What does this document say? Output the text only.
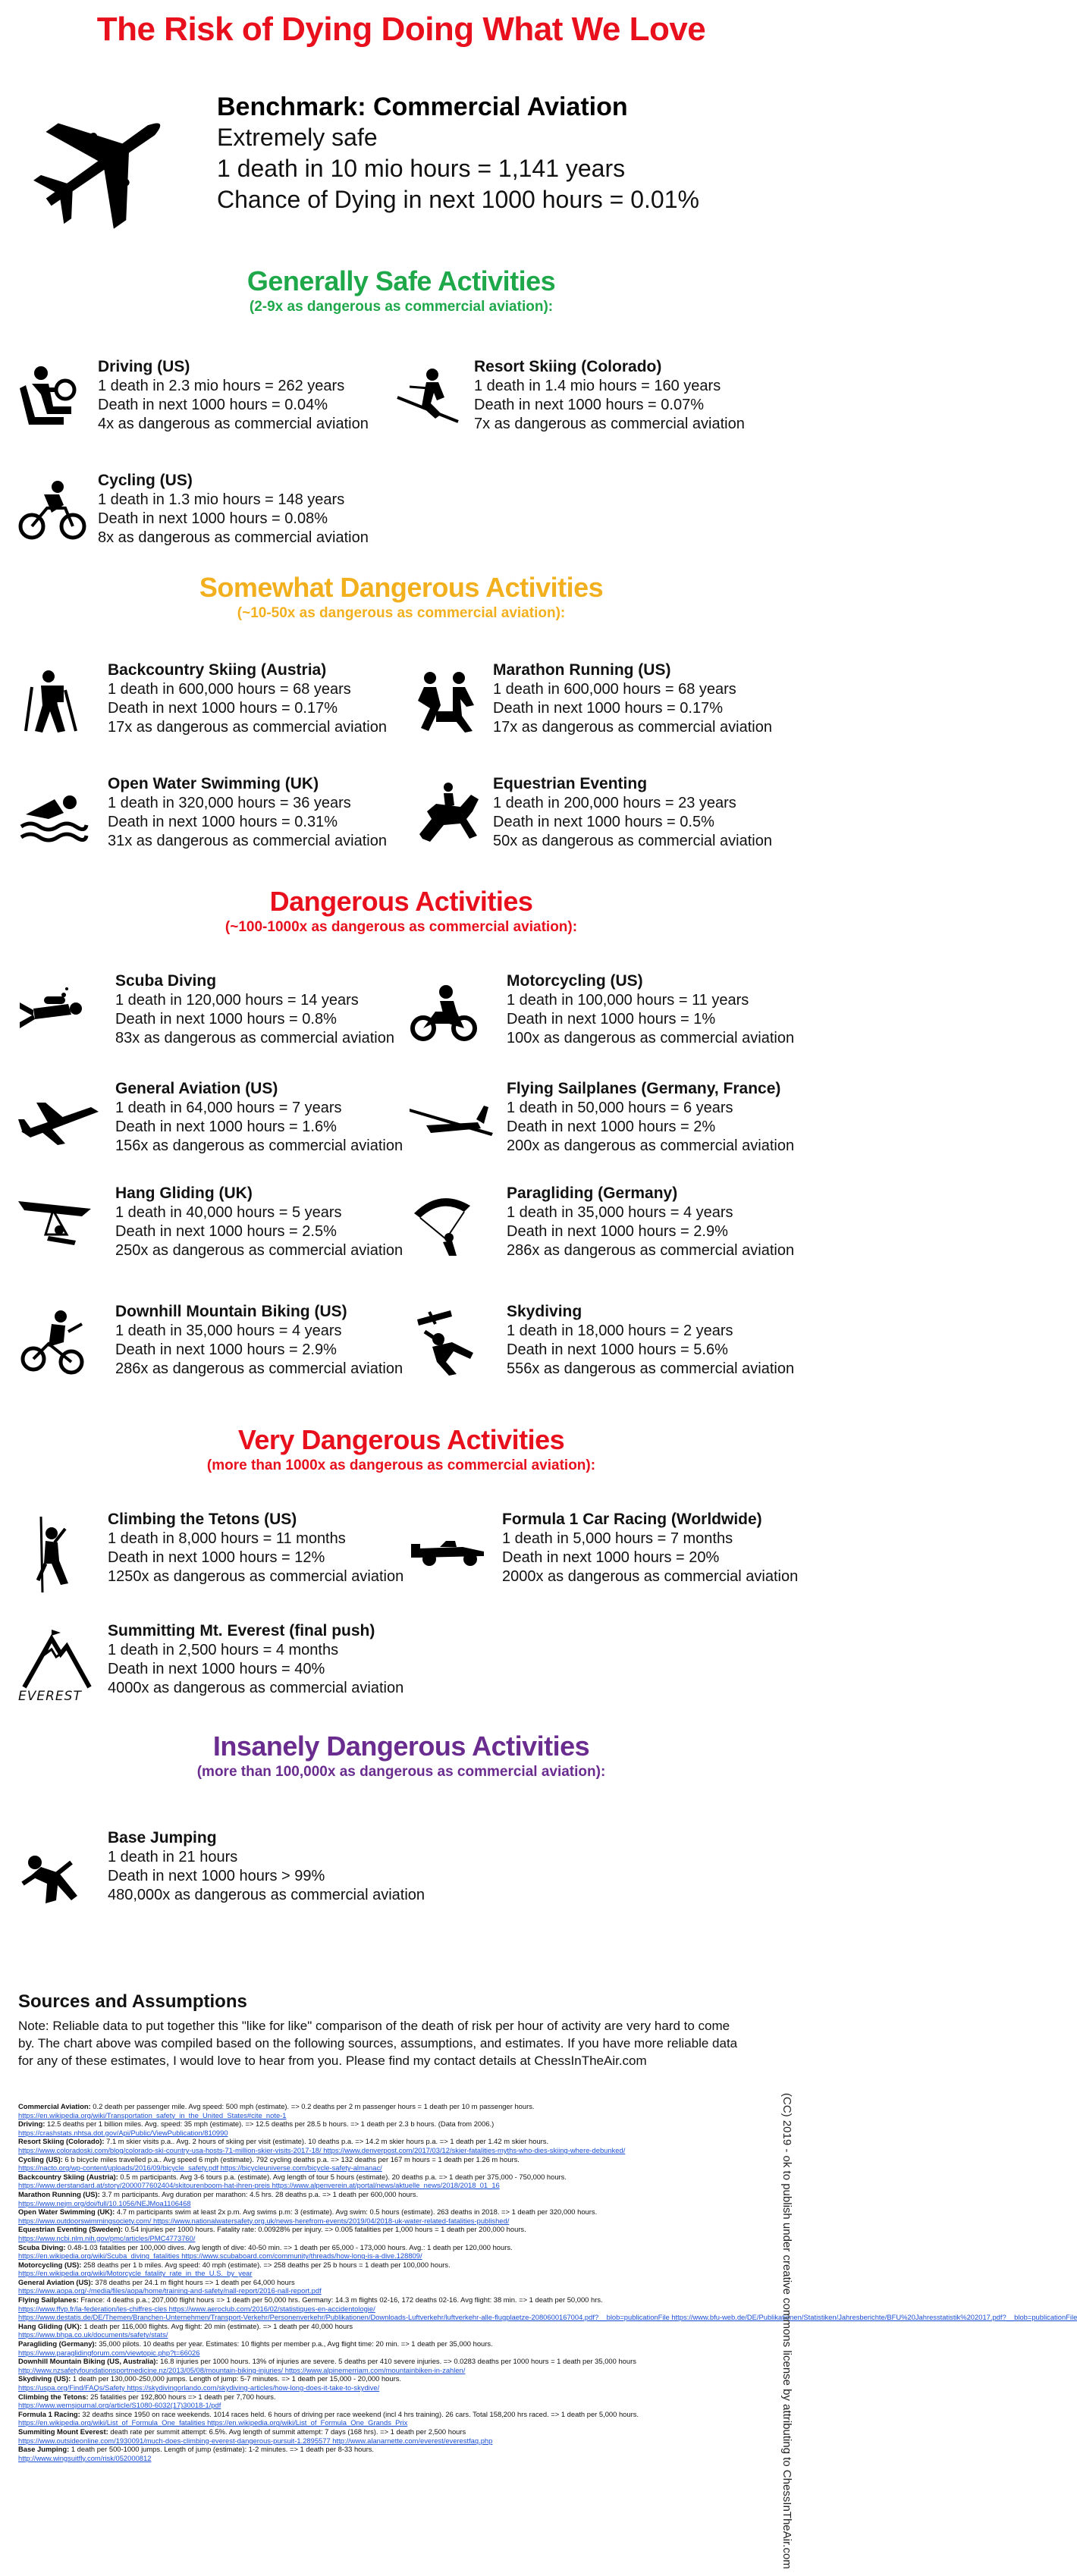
The Risk of Dying Doing What We Love
Benchmark: Commercial Aviation
Extremely safe
1 death in 10 mio hours = 1,141 years
Chance of Dying in next 1000 hours = 0.01%
Generally Safe Activities
(2-9x as dangerous as commercial aviation):
Somewhat Dangerous Activities
(~10-50x as dangerous as commercial aviation):
Dangerous Activities
(~100-1000x as dangerous as commercial aviation):
Very Dangerous Activities
(more than 1000x as dangerous as commercial aviation):
Insanely Dangerous Activities
(more than 100,000x as dangerous as commercial aviation):
Driving (US)
1 death in 2.3 mio hours = 262 years
Death in next 1000 hours = 0.04%
4x as dangerous as commercial aviation
Resort Skiing (Colorado)
1 death in 1.4 mio hours = 160 years
Death in next 1000 hours = 0.07%
7x as dangerous as commercial aviation
Cycling (US)
1 death in 1.3 mio hours = 148 years
Death in next 1000 hours = 0.08%
8x as dangerous as commercial aviation
Backcountry Skiing (Austria)
1 death in 600,000 hours = 68 years
Death in next 1000 hours = 0.17%
17x as dangerous as commercial aviation
Marathon Running (US)
1 death in 600,000 hours = 68 years
Death in next 1000 hours = 0.17%
17x as dangerous as commercial aviation
Open Water Swimming (UK)
1 death in 320,000 hours = 36 years
Death in next 1000 hours = 0.31%
31x as dangerous as commercial aviation
Equestrian Eventing
1 death in 200,000 hours = 23 years
Death in next 1000 hours = 0.5%
50x as dangerous as commercial aviation
Scuba Diving
1 death in 120,000 hours = 14 years
Death in next 1000 hours = 0.8%
83x as dangerous as commercial aviation
Motorcycling (US)
1 death in 100,000 hours = 11 years
Death in next 1000 hours = 1%
100x as dangerous as commercial aviation
General Aviation (US)
1 death in 64,000 hours = 7 years
Death in next 1000 hours = 1.6%
156x as dangerous as commercial aviation
Flying Sailplanes (Germany, France)
1 death in 50,000 hours = 6 years
Death in next 1000 hours = 2%
200x as dangerous as commercial aviation
Hang Gliding (UK)
1 death in 40,000 hours = 5 years
Death in next 1000 hours = 2.5%
250x as dangerous as commercial aviation
Paragliding (Germany)
1 death in 35,000 hours = 4 years
Death in next 1000 hours = 2.9%
286x as dangerous as commercial aviation
Downhill Mountain Biking (US)
1 death in 35,000 hours = 4 years
Death in next 1000 hours = 2.9%
286x as dangerous as commercial aviation
Skydiving
1 death in 18,000 hours = 2 years
Death in next 1000 hours = 5.6%
556x as dangerous as commercial aviation
Climbing the Tetons (US)
1 death in 8,000 hours = 11 months
Death in next 1000 hours = 12%
1250x as dangerous as commercial aviation
Formula 1 Car Racing (Worldwide)
1 death in 5,000 hours = 7 months
Death in next 1000 hours = 20%
2000x as dangerous as commercial aviation
EVEREST
Summitting Mt. Everest (final push)
1 death in 2,500 hours = 4 months
Death in next 1000 hours = 40%
4000x as dangerous as commercial aviation
Base Jumping
1 death in 21 hours
Death in next 1000 hours > 99%
480,000x as dangerous as commercial aviation
Sources and Assumptions
Note: Reliable data to put together this "like for like" comparison of the death of risk per hour of activity are very hard to come by. The chart above was compiled based on the following sources, assumptions, and estimates. If you have more reliable data for any of these estimates, I would love to hear from you. Please find my contact details at ChessInTheAir.com
Commercial Aviation: 0.2 death per passenger mile. Avg speed: 500 mph (estimate). => 0.2 deaths per 2 m passenger hours = 1 death per 10 m passenger hours.
https://en.wikipedia.org/wiki/Transportation_safety_in_the_United_States#cite_note-1
Driving: 12.5 deaths per 1 billion miles. Avg. speed: 35 mph (estimate). => 12.5 deaths per 28.5 b hours. => 1 death per 2.3 b hours. (Data from 2006.)
https://crashstats.nhtsa.dot.gov/Api/Public/ViewPublication/810990
Resort Skiing (Colorado): 7.1 m skier visits p.a.. Avg. 2 hours of skiing per visit (estimate). 10 deaths p.a. => 14.2 m skier hours p.a. => 1 death per 1.42 m skier hours.
https://www.coloradoski.com/blog/colorado-ski-country-usa-hosts-71-million-skier-visits-2017-18/ https://www.denverpost.com/2017/03/12/skier-fatalities-myths-who-dies-skiing-where-debunked/
Cycling (US): 6 b bicycle miles travelled p.a.. Avg speed 6 mph (estimate). 792 cycling deaths p.a. => 132 deaths per 167 m hours = 1 death per 1.26 m hours.
https://nacto.org/wp-content/uploads/2016/09/bicycle_safety.pdf https://bicycleuniverse.com/bicycle-safety-almanac/
Backcountry Skiing (Austria): 0.5 m participants. Avg 3-6 tours p.a. (estimate). Avg length of tour 5 hours (estimate). 20 deaths p.a. => 1 death per 375,000 - 750,000 hours.
https://www.derstandard.at/story/2000077602404/skitourenboom-hat-ihren-preis https://www.alpenverein.at/portal/news/aktuelle_news/2018/2018_01_16
Marathon Running (US): 3.7 m participants. Avg duration per marathon: 4.5 hrs. 28 deaths p.a. => 1 death per 600,000 hours.
https://www.nejm.org/doi/full/10.1056/NEJMoa1106468
Open Water Swimming (UK): 4.7 m participants swim at least 2x p.m. Avg swims p.m: 3 (estimate). Avg swim: 0.5 hours (estimate). 263 deaths in 2018. => 1 death per 320,000 hours.
https://www.outdoorswimmingsociety.com/ https://www.nationalwatersafety.org.uk/news-herefrom-events/2019/04/2018-uk-water-related-fatalities-published/
Equestrian Eventing (Sweden): 0.54 injuries per 1000 hours. Fatality rate: 0.00928% per injury. => 0.005 fatalities per 1,000 hours = 1 death per 200,000 hours.
https://www.ncbi.nlm.nih.gov/pmc/articles/PMC4773760/
Scuba Diving: 0.48-1.03 fatalities per 100,000 dives. Avg length of dive: 40-50 min. => 1 death per 65,000 - 173,000 hours. Avg.: 1 death per 120,000 hours.
https://en.wikipedia.org/wiki/Scuba_diving_fatalities https://www.scubaboard.com/community/threads/how-long-is-a-dive.128809/
Motorcycling (US): 258 deaths per 1 b miles. Avg speed: 40 mph (estimate). => 258 deaths per 25 b hours = 1 death per 100,000 hours.
https://en.wikipedia.org/wiki/Motorcycle_fatality_rate_in_the_U.S._by_year
General Aviation (US): 378 deaths per 24.1 m flight hours => 1 death per 64,000 hours
https://www.aopa.org/-/media/files/aopa/home/training-and-safety/nall-report/2016-nall-report.pdf
Flying Sailplanes: France: 4 deaths p.a.; 207,000 flight hours => 1 death per 50,000 hrs. Germany: 14.3 m flights 02-16, 172 deaths 02-16. Avg flight: 38 min. => 1 death per 50,000 hrs.
https://www.ffvp.fr/la-federation/les-chiffres-cles https://www.aeroclub.com/2016/02/statistiques-en-accidentologie/
https://www.destatis.de/DE/Themen/Branchen-Unternehmen/Transport-Verkehr/Personenverkehr/Publikationen/Downloads-Luftverkehr/luftverkehr-alle-flugplaetze-2080600167004.pdf?__blob=publicationFile https://www.bfu-web.de/DE/Publikationen/Statistiken/Jahresberichte/BFU%20Jahresstatistik%202017.pdf?__blob=publicationFile
Hang Gliding (UK): 1 death per 116,000 flights. Avg flight: 20 min (estimate). => 1 death per 40,000 hours
https://www.bhpa.co.uk/documents/safety/stats/
Paragliding (Germany): 35,000 pilots. 10 deaths per year. Estimates: 10 flights per member p.a., Avg flight time: 20 min. => 1 death per 35,000 hours.
https://www.paraglidingforum.com/viewtopic.php?t=66026
Downhill Mountain Biking (US, Australia): 16.8 injuries per 1000 hours. 13% of injuries are severe. 5 deaths per 410 severe injuries. => 0.0283 deaths per 1000 hours = 1 death per 35,000 hours
http://www.nzsafetyfoundationsportmedicine.nz/2013/05/08/mountain-biking-injuries/ https://www.alpinemerriam.com/mountainbiken-in-zahlen/
Skydiving (US): 1 death per 130,000-250,000 jumps. Length of jump: 5-7 minutes. => 1 death per 15,000 - 20,000 hours.
https://uspa.org/Find/FAQs/Safety https://skydivingorlando.com/skydiving-articles/how-long-does-it-take-to-skydive/
Climbing the Tetons: 25 fatalities per 192,800 hours => 1 death per 7,700 hours.
https://www.wemsjournal.org/article/S1080-6032(17)30018-1/pdf
Formula 1 Racing: 32 deaths since 1950 on race weekends. 1014 races held. 6 hours of driving per race weekend (incl 4 hrs training). 26 cars. Total 158,200 hrs raced. => 1 death per 5,000 hours.
https://en.wikipedia.org/wiki/List_of_Formula_One_fatalities https://en.wikipedia.org/wiki/List_of_Formula_One_Grands_Prix
Summiting Mount Everest: death rate per summit attempt: 6.5%. Avg length of summit attempt: 7 days (168 hrs). => 1 death per 2,500 hours
https://www.outsideonline.com/1930091/much-does-climbing-everest-dangerous-pursuit-1.2895577 http://www.alanarnette.com/everest/everestfaq.php
Base Jumping: 1 death per 500-1000 jumps. Length of jump (estimate): 1-2 minutes. => 1 death per 8-33 hours.
http://www.wingsuitfly.com/risk/052000812	(CC) 2019 - ok to publish under creative commons license by attributing to ChessInTheAir.com
